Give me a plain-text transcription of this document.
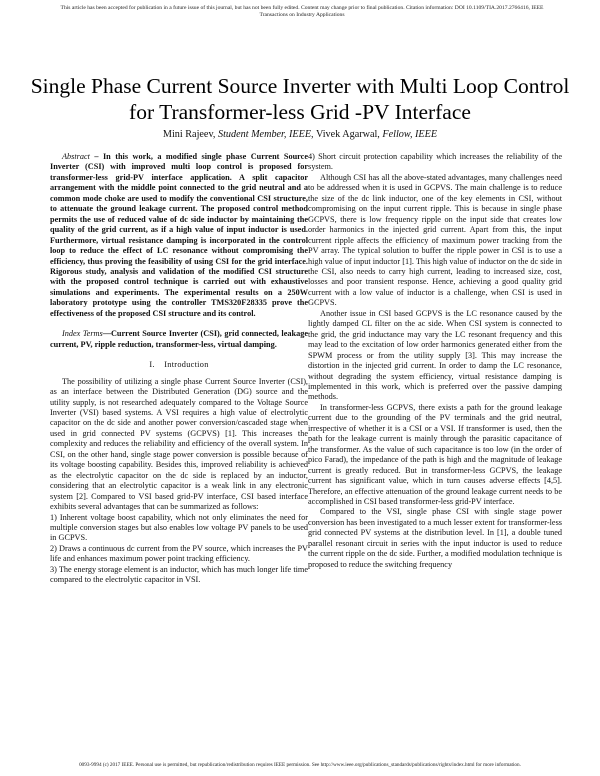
This article has been accepted for publication in a future issue of this journal, but has not been fully edited. Content may change prior to final publication. Citation information: DOI 10.1109/TIA.2017.2766416, IEEE
Transactions on Industry Applications
Single Phase Current Source Inverter with Multi Loop Control for Transformer-less Grid -PV Interface
Mini Rajeev, Student Member, IEEE, Vivek Agarwal, Fellow, IEEE

Abstract – In this work, a modified single phase Current Source Inverter (CSI) with improved multi loop control is proposed for transformer-less grid-PV interface application. A split capacitor arrangement with the middle point connected to the grid neutral and a common mode choke are used to modify the conventional CSI structure, to attenuate the ground leakage current. The proposed control method permits the use of reduced value of dc side inductor by maintaining the quality of the grid current, as if a high value of input inductor is used. Furthermore, virtual resistance damping is incorporated in the control loop to reduce the effect of LC resonance without compromising the efficiency, thus proving the feasibility of using CSI for the grid interface. Rigorous study, analysis and validation of the modified CSI structure with the proposed control technique is carried out with exhaustive simulations and experiments. The experimental results on a 250W laboratory prototype using the controller TMS320F28335 prove the effectiveness of the proposed CSI structure and its control.

Index Terms—Current Source Inverter (CSI), grid connected, leakage current, PV, ripple reduction, transformer-less, virtual damping.

I.    Introduction

The possibility of utilizing a single phase Current Source Inverter (CSI), as an interface between the Distributed Generation (DG) source and the utility supply, is not researched adequately compared to the Voltage Source Inverter (VSI) based systems. A VSI requires a high value of electrolytic capacitor on the dc side and another power conversion/cascaded stage when used in grid connected PV systems (GCPVS) [1]. This increases the complexity and reduces the reliability and efficiency of the overall system. In CSI, on the other hand, single stage power conversion is possible because of its voltage boosting capability. Besides this, improved reliability is achieved as the electrolytic capacitor on the dc side is replaced by an inductor, considering that an electrolytic capacitor is a weak link in any electronic system [2]. Compared to VSI based grid-PV interface, CSI based interface exhibits several advantages that can be summarized as follows:

1) Inherent voltage boost capability, which not only eliminates the need for multiple conversion stages but also enables low voltage PV panels to be used in GCPVS.

2) Draws a continuous dc current from the PV source, which increases the PV life and enhances maximum power point tracking efficiency.

3) The energy storage element is an inductor, which has much longer life time compared to the electrolytic capacitor in VSI.

4) Short circuit protection capability which increases the reliability of the system.

Although CSI has all the above-stated advantages, many challenges need to be addressed when it is used in GCPVS. The main challenge is to reduce the size of the dc link inductor, one of the key elements in CSI, without compromising on the input current ripple. This is because in single phase GCPVS, there is low frequency ripple on the input side that creates low order harmonics in the injected grid current. Apart from this, the input current ripple affects the efficiency of maximum power tracking from the PV array. The typical solution to buffer the ripple power in CSI is to use a high value of input inductor [1]. This high value of inductor on the dc side in the CSI, also needs to carry high current, leading to increased size, cost, losses and poor transient response. Hence, achieving a good quality grid current with a low value of inductor is a challenge, when CSI is used in GCPVS.

Another issue in CSI based GCPVS is the LC resonance caused by the lightly damped CL filter on the ac side. When CSI system is connected to the grid, the grid inductance may vary the LC resonant frequency and this may lead to the excitation of low order harmonics generated either from the SPWM process or from the utility supply [3]. This may increase the distortion in the injected grid current. In order to damp the LC resonance, without degrading the system efficiency, virtual resistance damping is implemented in this work, which is preferred over the passive damping methods.

In transformer-less GCPVS, there exists a path for the ground leakage current due to the grounding of the PV terminals and the grid neutral, irrespective of whether it is a CSI or a VSI. If transformer is used, then the path for the leakage current is mainly through the parasitic capacitance of the transformer. As the value of such capacitance is too low (in the order of pico Farad), the impedance of the path is high and the magnitude of leakage current is greatly reduced. But in transformer-less GCPVS, the leakage current has significant value, which in turn causes adverse effects [4,5]. Therefore, an effective attenuation of the ground leakage current needs to be accomplished in CSI based transformer-less grid-PV interface.

Compared to the VSI, single phase CSI with single stage power conversion has been investigated to a much lesser extent for transformer-less grid connected PV systems at the distribution level. In [1], a double tuned parallel resonant circuit in series with the input inductor is used to reduce the current ripple on the dc side. Further, a modified modulation technique is proposed to reduce the switching frequency

0093-9994 (c) 2017 IEEE. Personal use is permitted, but republication/redistribution requires IEEE permission. See http://www.ieee.org/publications_standards/publications/rights/index.html for more information.
